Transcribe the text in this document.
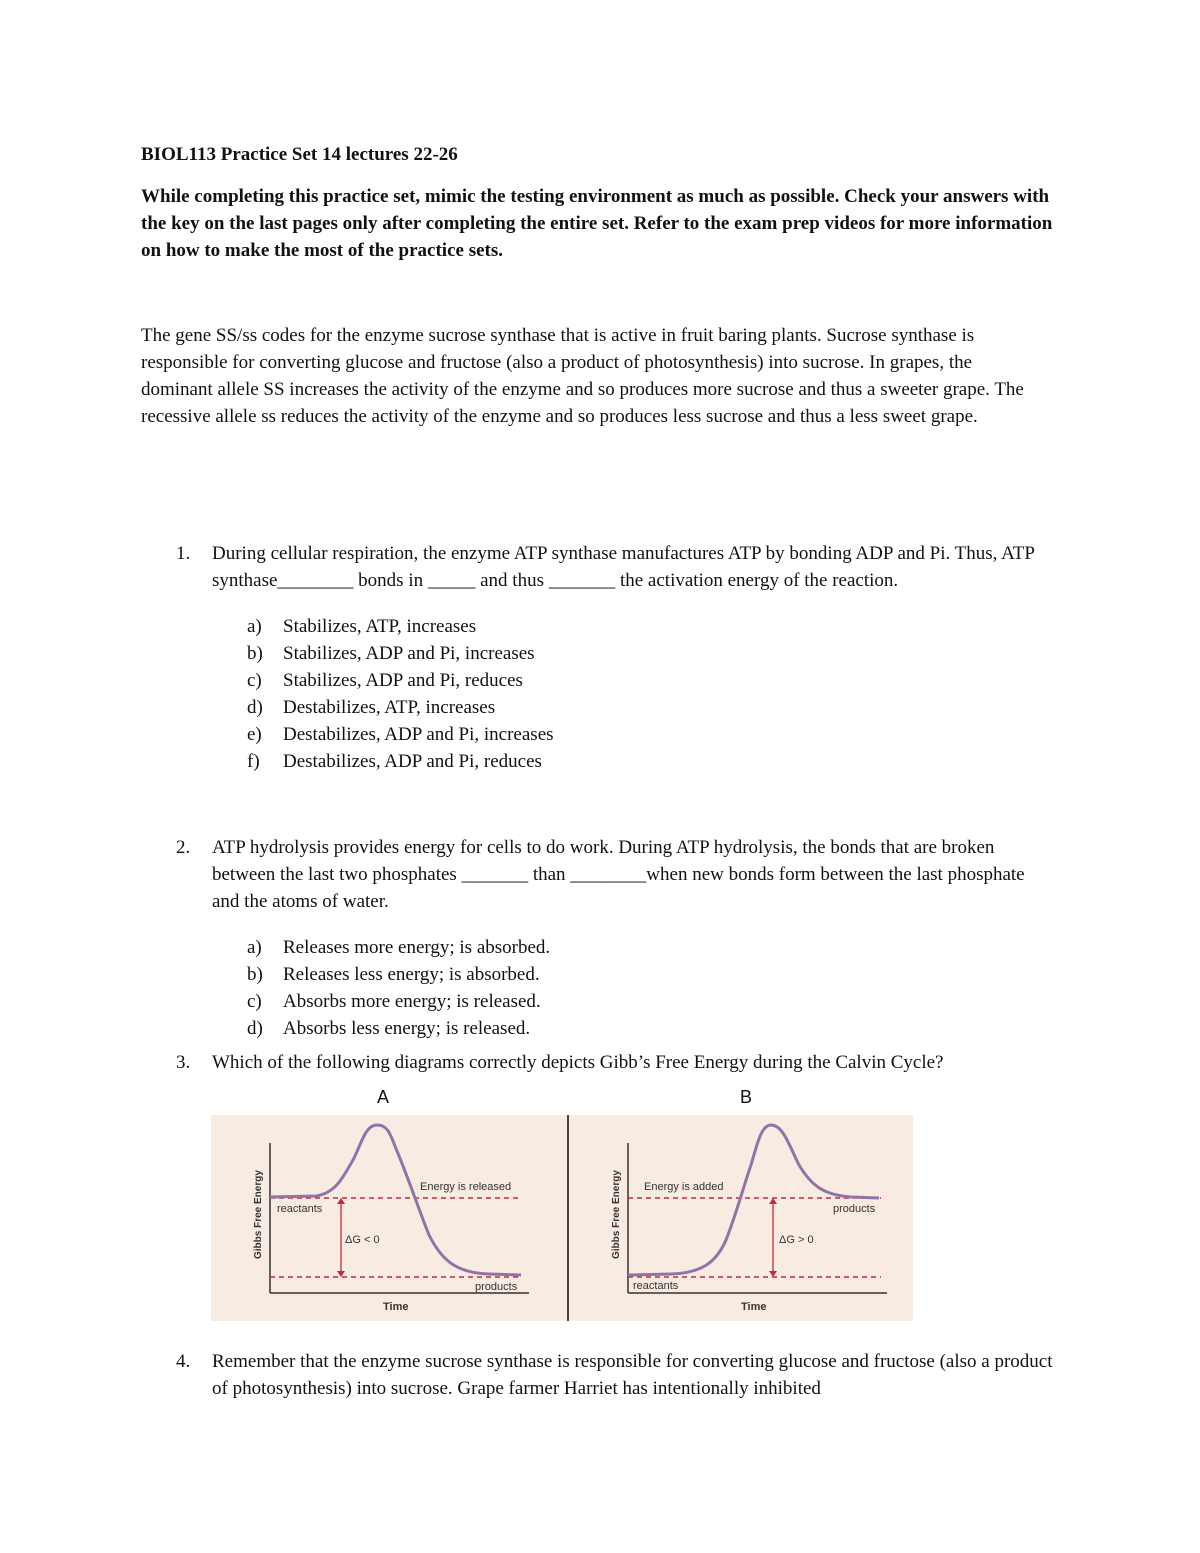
BIOL113 Practice Set 14 lectures 22-26
While completing this practice set, mimic the testing environment as much as possible. Check your answers with the key on the last pages only after completing the entire set. Refer to the exam prep videos for more information on how to make the most of the practice sets.
The gene SS/ss codes for the enzyme sucrose synthase that is active in fruit baring plants. Sucrose synthase is responsible for converting glucose and fructose (also a product of photosynthesis) into sucrose. In grapes, the dominant allele SS increases the activity of the enzyme and so produces more sucrose and thus a sweeter grape. The recessive allele ss reduces the activity of the enzyme and so produces less sucrose and thus a less sweet grape.
1. During cellular respiration, the enzyme ATP synthase manufactures ATP by bonding ADP and Pi. Thus, ATP synthase________ bonds in _____ and thus _______ the activation energy of the reaction.
a) Stabilizes, ATP, increases
b) Stabilizes, ADP and Pi, increases
c) Stabilizes, ADP and Pi, reduces
d) Destabilizes, ATP, increases
e) Destabilizes, ADP and Pi, increases
f) Destabilizes, ADP and Pi, reduces
2. ATP hydrolysis provides energy for cells to do work. During ATP hydrolysis, the bonds that are broken between the last two phosphates _______ than ________when new bonds form between the last phosphate and the atoms of water.
a) Releases more energy; is absorbed.
b) Releases less energy; is absorbed.
c) Absorbs more energy; is released.
d) Absorbs less energy; is released.
3. Which of the following diagrams correctly depicts Gibb’s Free Energy during the Calvin Cycle?
A	B
Gibbs Free Energy
Time
reactants
products
Energy is released
ΔG < 0	Gibbs Free Energy
Time
reactants
products
Energy is added
ΔG > 0
4. Remember that the enzyme sucrose synthase is responsible for converting glucose and fructose (also a product of photosynthesis) into sucrose. Grape farmer Harriet has intentionally inhibited
